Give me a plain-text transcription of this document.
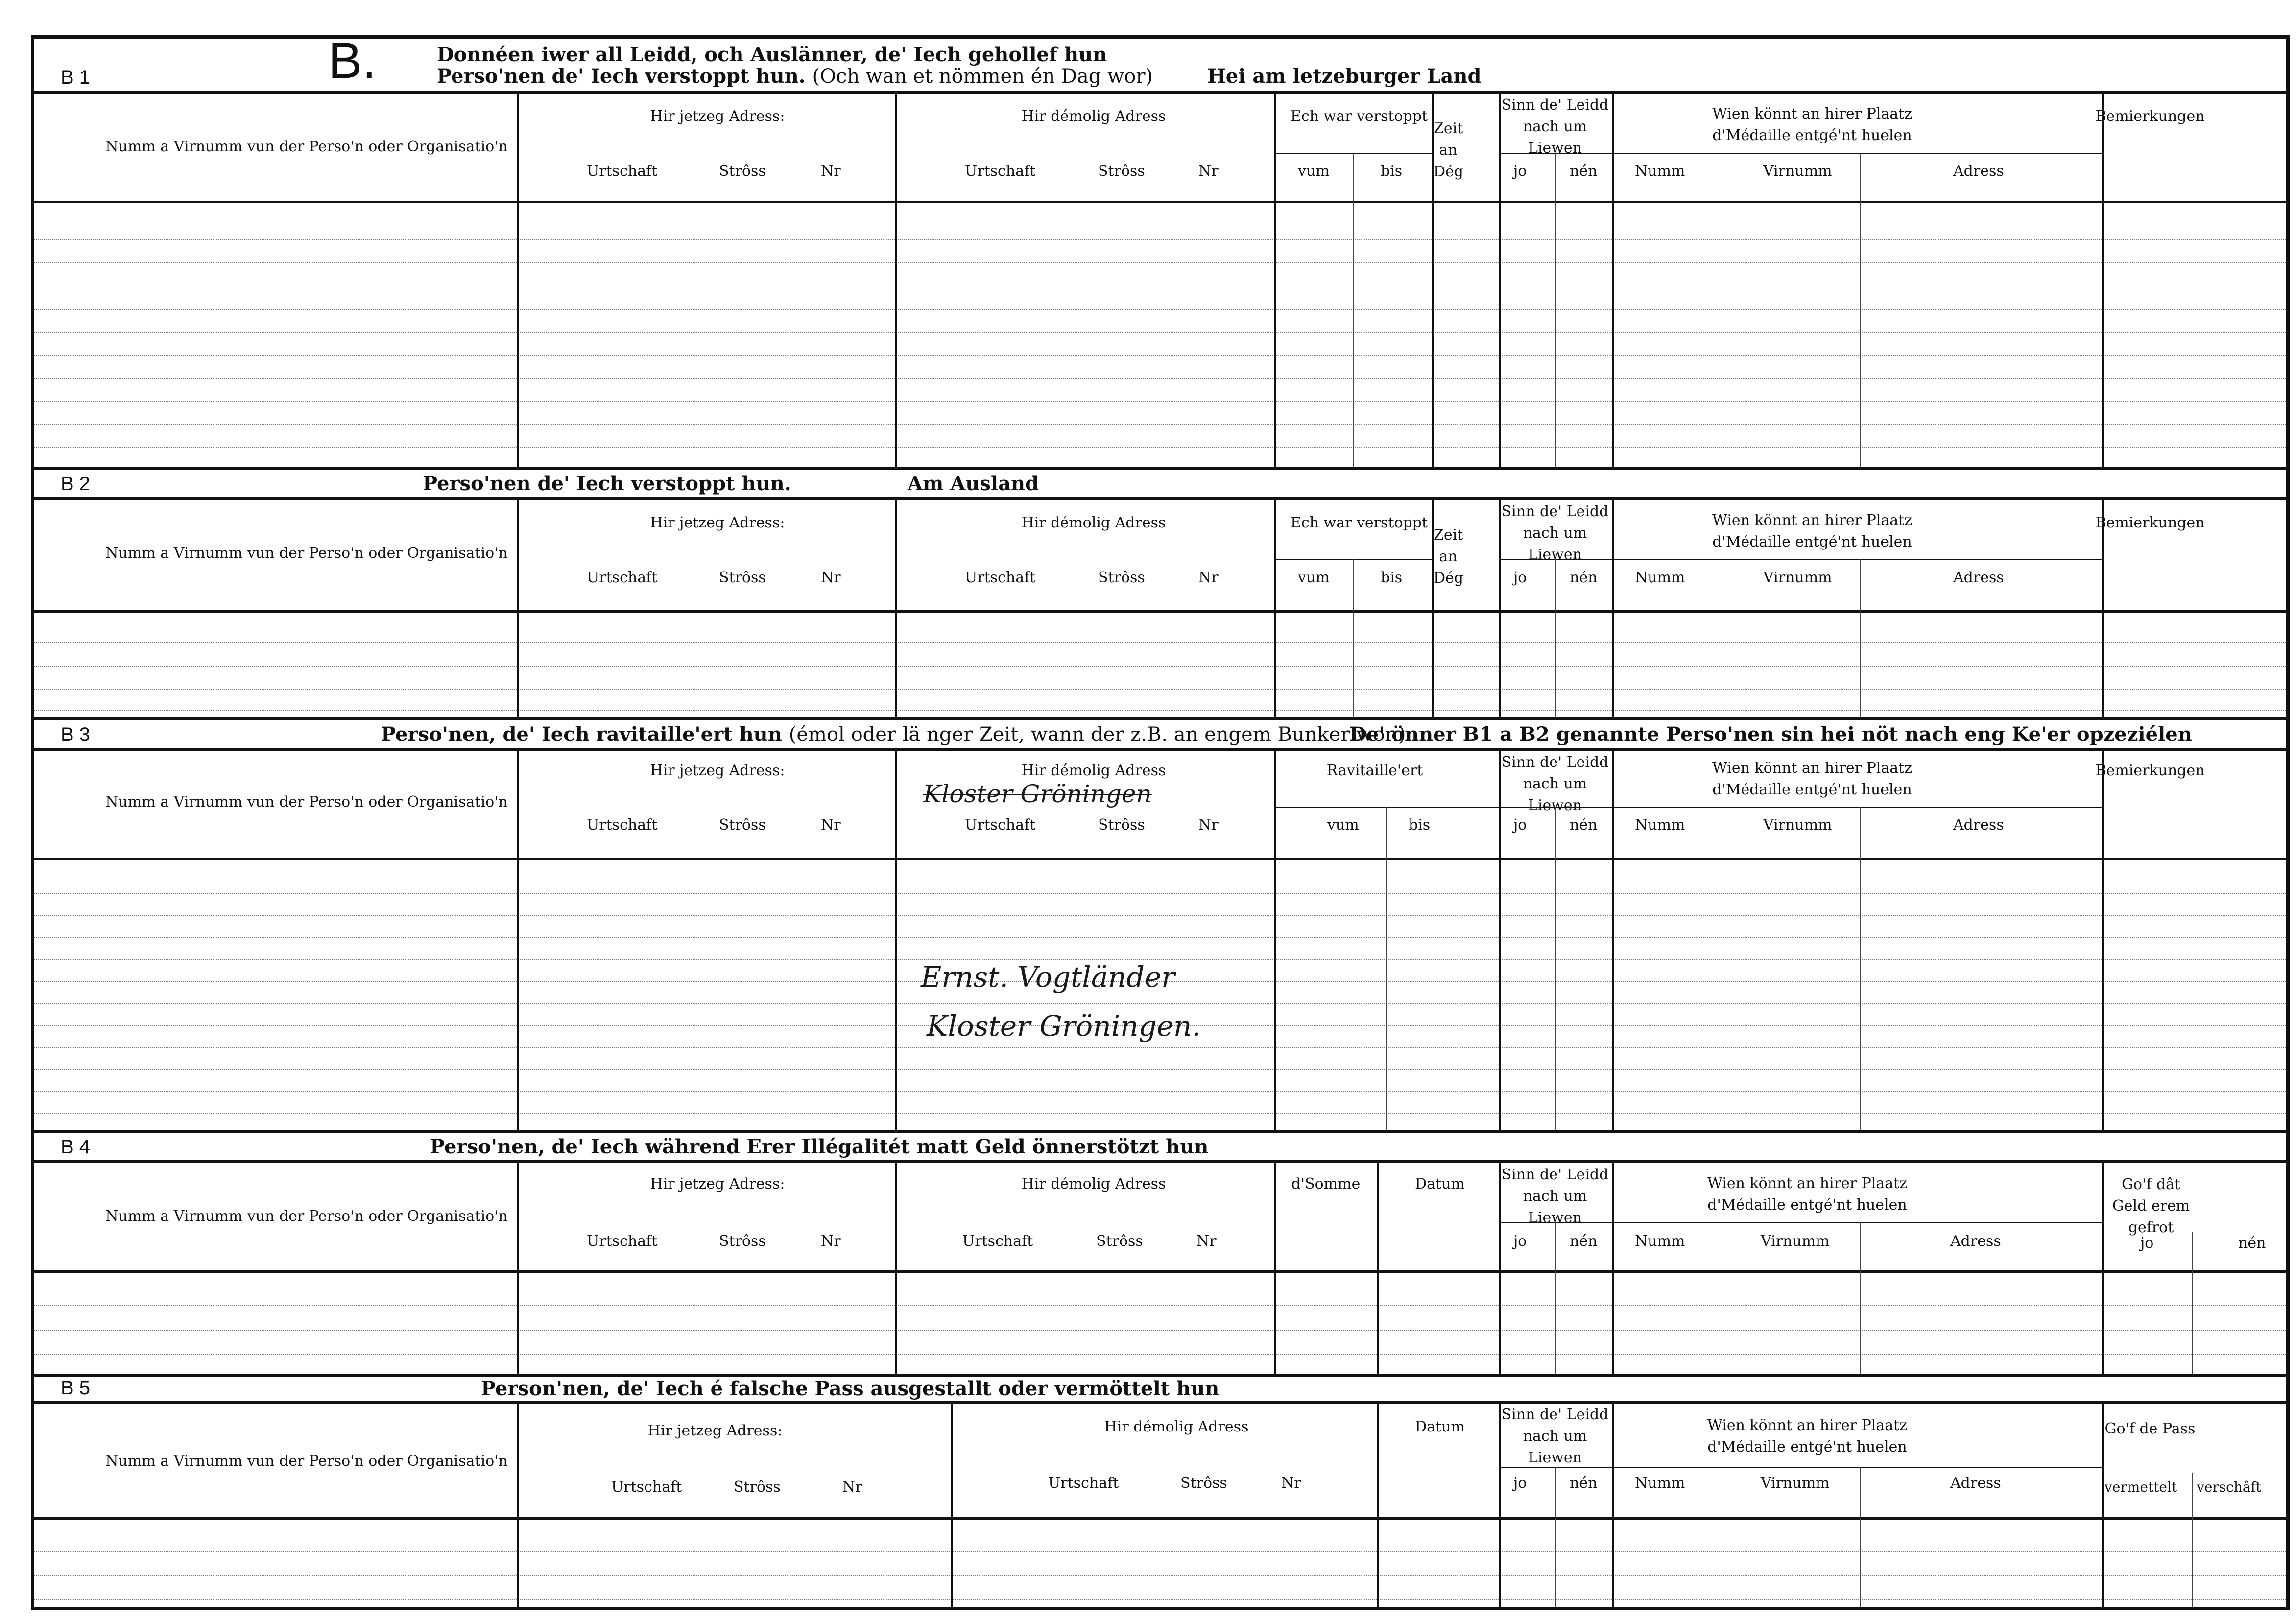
B 1	B.	Donnéen iwer all Leidd, och Auslänner, de' Iech gehollef hun
Perso'nen de' Iech verstoppt hun. (Och wan et nömmen én Dag wor)	Hei am letzeburger Land
Numm a Virnumm vun der Perso'n oder Organisatio'n
Hir jetzeg Adress:
Urtschaft	Strôss	Nr
Hir démolig Adress
Urtschaft	Strôss	Nr
Ech war verstoppt
vum	bis
Zeit
an
Dég
Sinn de' Leidd nach um Liewen
jo	nén
Wien könnt an hirer Plaatz d'Médaille entgé'nt huelen
Numm	Virnumm	Adress
Bemierkungen
B 2	Perso'nen de' Iech verstoppt hun.	Am Ausland
Numm a Virnumm vun der Perso'n oder Organisatio'n
Hir jetzeg Adress:
Urtschaft	Strôss	Nr
Hir démolig Adress
Urtschaft	Strôss	Nr
Ech war verstoppt
vum	bis
Zeit
an
Dég
Sinn de' Leidd nach um Liewen
jo	nén
Wien könnt an hirer Plaatz d'Médaille entgé'nt huelen
Numm	Virnumm	Adress
Bemierkungen
B 3	Perso'nen, de' Iech ravitaille'ert hun (émol oder lä nger Zeit, wann der z.B. an engem Bunker wor.)
De' önner B1 a B2 genannte Perso'nen sin hei nöt nach eng Ke'er opzeziélen
Numm a Virnumm vun der Perso'n oder Organisatio'n
Hir jetzeg Adress:
Urtschaft	Strôss	Nr
Hir démolig Adress
Kloster Gröningen
Urtschaft	Strôss	Nr
Ravitaille'ert
vum	bis
Sinn de' Leidd nach um Liewen
jo	nén
Wien könnt an hirer Plaatz d'Médaille entgé'nt huelen
Numm	Virnumm	Adress
Bemierkungen
Ernst. Vogtländer
Kloster Gröningen.
B 4	Perso'nen, de' Iech während Erer Illégalitét matt Geld önnerstötzt hun
Numm a Virnumm vun der Perso'n oder Organisatio'n
Hir jetzeg Adress:
Urtschaft	Strôss	Nr
Hir démolig Adress
Urtschaft	Strôss	Nr
d'Somme	Datum
Sinn de' Leidd nach um Liewen
jo	nén
Wien könnt an hirer Plaatz d'Médaille entgé'nt huelen
Numm	Virnumm	Adress
Go'f dât Geld erem gefrot
jo	nén
B 5	Person'nen, de' Iech é falsche Pass ausgestallt oder vermöttelt hun
Numm a Virnumm vun der Perso'n oder Organisatio'n
Hir jetzeg Adress:
Urtschaft	Strôss	Nr
Hir démolig Adress
Urtschaft	Strôss	Nr
Datum
Sinn de' Leidd nach um Liewen
jo	nén
Wien könnt an hirer Plaatz d'Médaille entgé'nt huelen
Numm	Virnumm	Adress
Go'f de Pass
vermettelt verschâft
